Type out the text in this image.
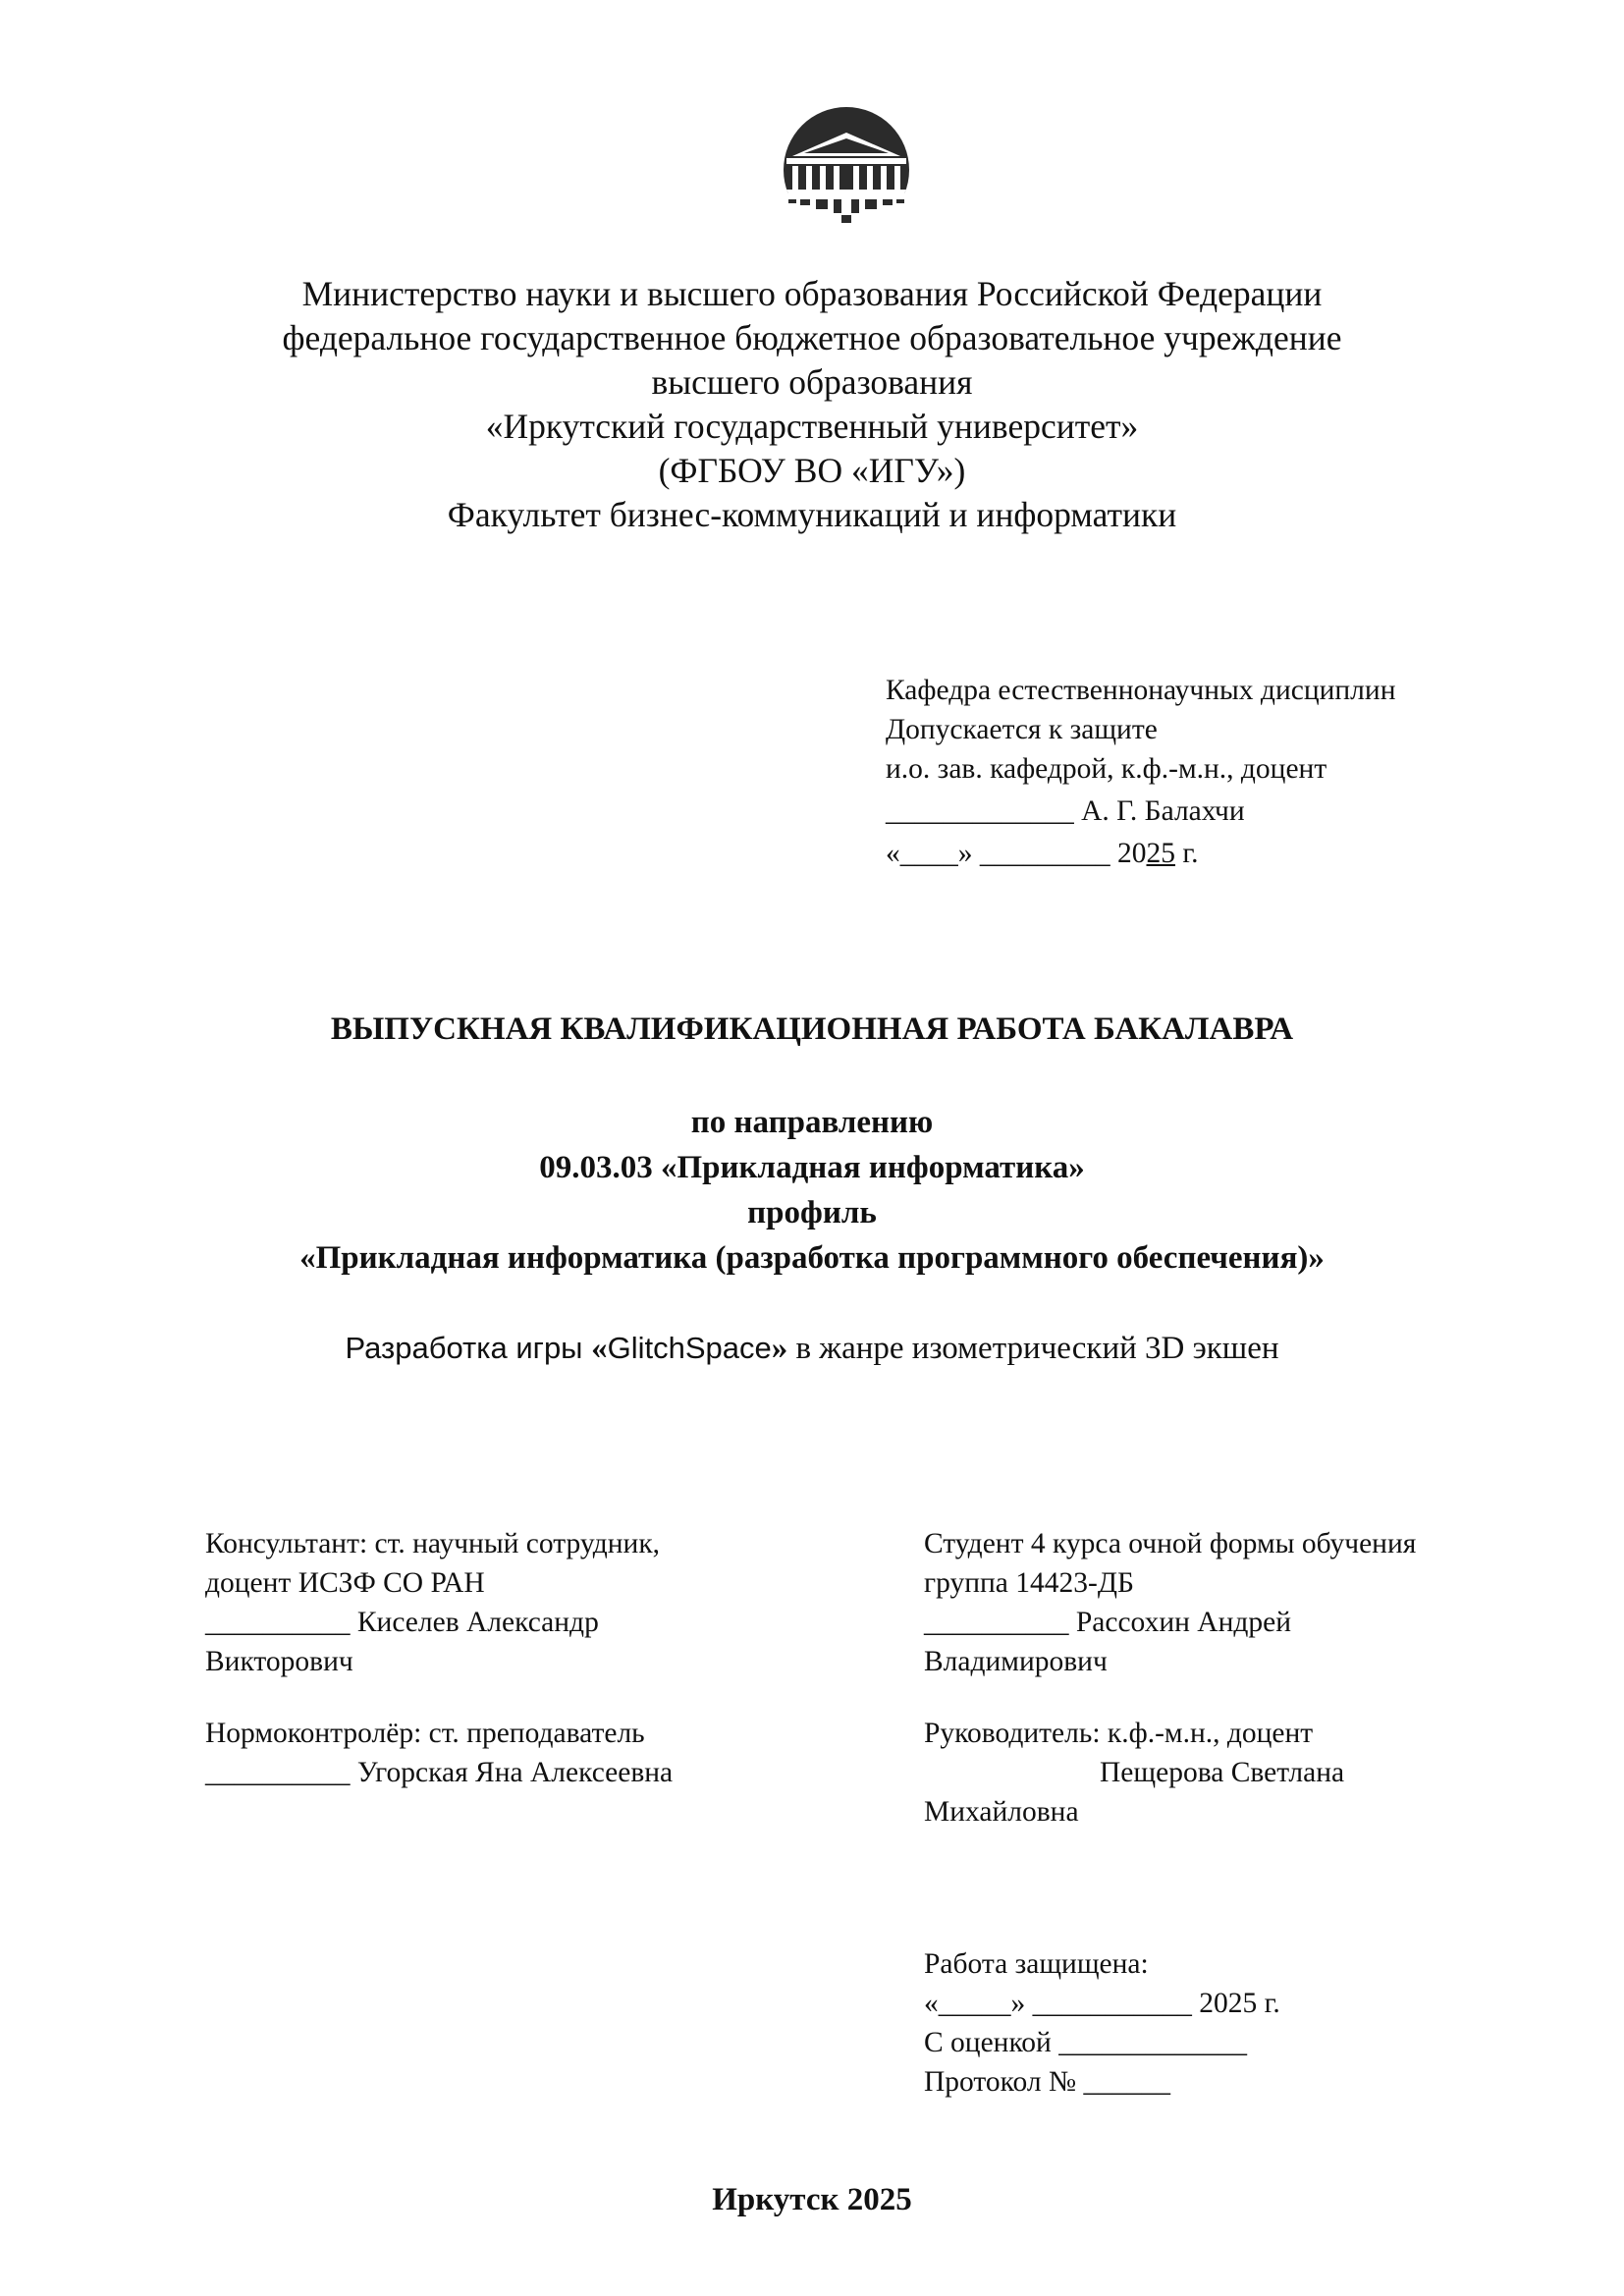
Министерство науки и высшего образования Российской Федерации
федеральное государственное бюджетное образовательное учреждение
высшего образования
«Иркутский государственный университет»
(ФГБОУ ВО «ИГУ»)
Факультет бизнес-коммуникаций и информатики
Кафедра естественнонаучных дисциплин
Допускается к защите
и.о. зав. кафедрой, к.ф.-м.н., доцент
_____________ А. Г. Балахчи
«____» _________ 2025 г.
ВЫПУСКНАЯ КВАЛИФИКАЦИОННАЯ РАБОТА БАКАЛАВРА
по направлению
09.03.03 «Прикладная информатика»
профиль
«Прикладная информатика (разработка программного обеспечения)»
Разработка игры «GlitchSpace» в жанре изометрический 3D экшен
Консультант: ст. научный сотрудник,
доцент ИСЗФ СО РАН
__________ Киселев Александр
Викторович
Нормоконтролёр: ст. преподаватель
__________ Угорская Яна Алексеевна
Студент 4 курса очной формы обучения
группа 14423-ДБ
__________ Рассохин Андрей
Владимирович
Руководитель: к.ф.-м.н., доцент
Пещерова Светлана
Михайловна
Работа защищена:
«_____» ___________ 2025 г.
С оценкой _____________
Протокол № ______
Иркутск 2025
